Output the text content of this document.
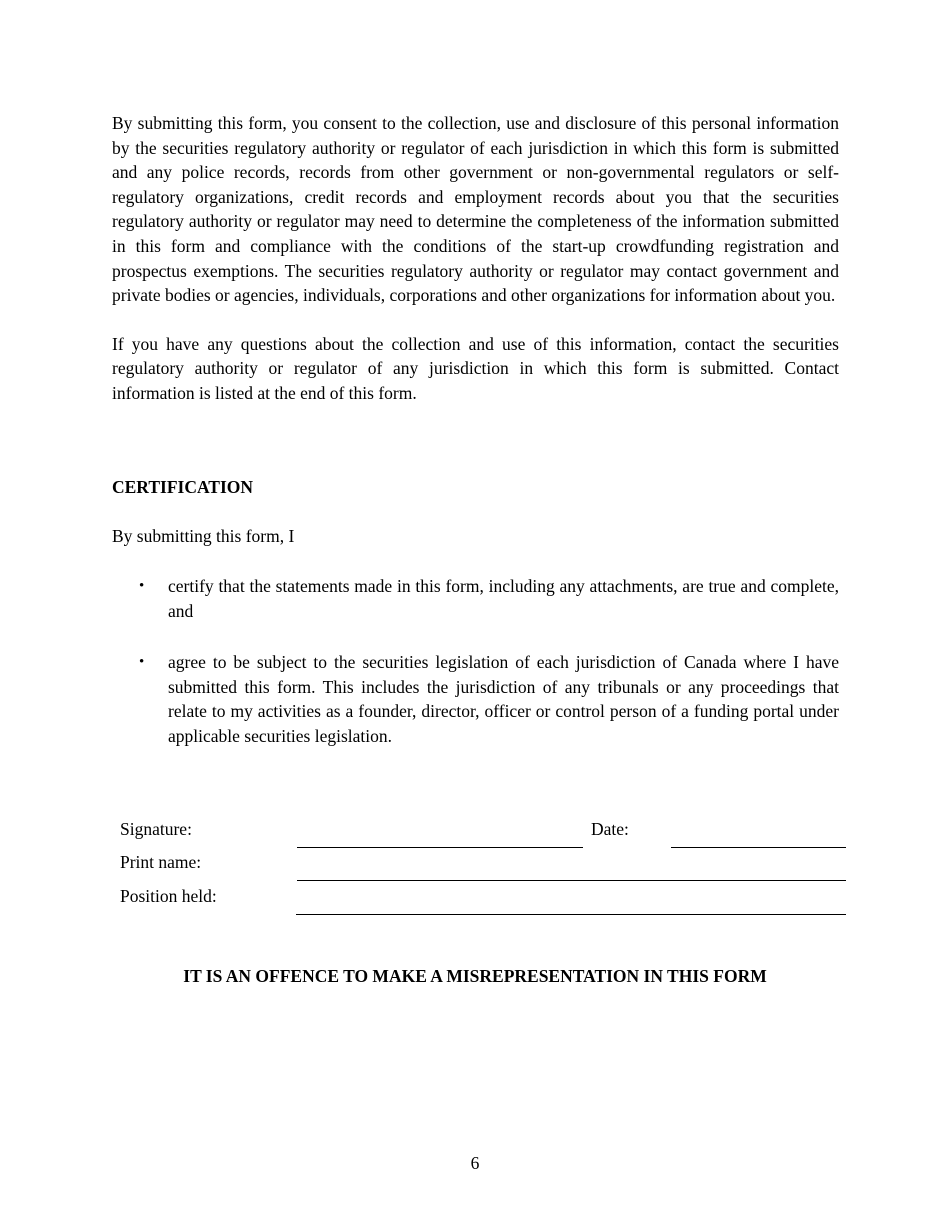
By submitting this form, you consent to the collection, use and disclosure of this personal information by the securities regulatory authority or regulator of each jurisdiction in which this form is submitted and any police records, records from other government or non-governmental regulators or self-regulatory organizations, credit records and employment records about you that the securities regulatory authority or regulator may need to determine the completeness of the information submitted in this form and compliance with the conditions of the start-up crowdfunding registration and prospectus exemptions. The securities regulatory authority or regulator may contact government and private bodies or agencies, individuals, corporations and other organizations for information about you.

If you have any questions about the collection and use of this information, contact the securities regulatory authority or regulator of any jurisdiction in which this form is submitted. Contact information is listed at the end of this form.

CERTIFICATION
By submitting this form, I
• certify that the statements made in this form, including any attachments, are true and complete, and
• agree to be subject to the securities legislation of each jurisdiction of Canada where I have submitted this form. This includes the jurisdiction of any tribunals or any proceedings that relate to my activities as a founder, director, officer or control person of a funding portal under applicable securities legislation.
Signature:	Date:
Print name:
Position held:
IT IS AN OFFENCE TO MAKE A MISREPRESENTATION IN THIS FORM
6
